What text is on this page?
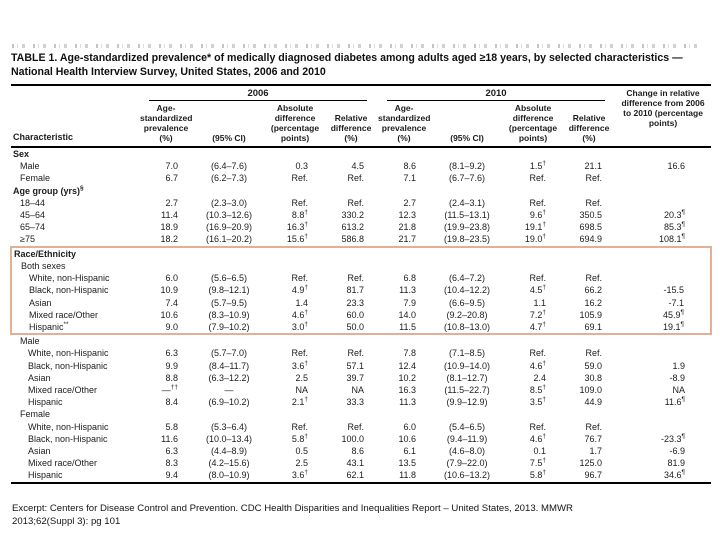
TABLE 1. Age-standardized prevalence* of medically diagnosed diabetes among adults aged ≥18 years, by selected characteristics — National Health Interview Survey, United States, 2006 and 2010

	2006				2010				Change in relative difference from 2006 to 2010 (percentage points)
Characteristic	Age-standardized prevalence (%)	(95% CI)	Absolute difference (percentage points)	Relative difference (%)	Age-standardized prevalence (%)	(95% CI)	Absolute difference (percentage points)	Relative difference (%)	
Sex									
Male	7.0	(6.4–7.6)	0.3	4.5	8.6	(8.1–9.2)	1.5†	21.1	16.6
Female	6.7	(6.2–7.3)	Ref.	Ref.	7.1	(6.7–7.6)	Ref.	Ref.	
Age group (yrs)§									
18–44	2.7	(2.3–3.0)	Ref.	Ref.	2.7	(2.4–3.1)	Ref.	Ref.	
45–64	11.4	(10.3–12.6)	8.8†	330.2	12.3	(11.5–13.1)	9.6†	350.5	20.3¶
65–74	18.9	(16.9–20.9)	16.3†	613.2	21.8	(19.9–23.8)	19.1†	698.5	85.3¶
≥75	18.2	(16.1–20.2)	15.6†	586.8	21.7	(19.8–23.5)	19.0†	694.9	108.1¶
Race/Ethnicity									
Both sexes									
White, non-Hispanic	6.0	(5.6–6.5)	Ref.	Ref.	6.8	(6.4–7.2)	Ref.	Ref.	
Black, non-Hispanic	10.9	(9.8–12.1)	4.9†	81.7	11.3	(10.4–12.2)	4.5†	66.2	-15.5
Asian	7.4	(5.7–9.5)	1.4	23.3	7.9	(6.6–9.5)	1.1	16.2	-7.1
Mixed race/Other	10.6	(8.3–10.9)	4.6†	60.0	14.0	(9.2–20.8)	7.2†	105.9	45.9¶
Hispanic**	9.0	(7.9–10.2)	3.0†	50.0	11.5	(10.8–13.0)	4.7†	69.1	19.1¶
Male									
White, non-Hispanic	6.3	(5.7–7.0)	Ref.	Ref.	7.8	(7.1–8.5)	Ref.	Ref.	
Black, non-Hispanic	9.9	(8.4–11.7)	3.6†	57.1	12.4	(10.9–14.0)	4.6†	59.0	1.9
Asian	8.8	(6.3–12.2)	2.5	39.7	10.2	(8.1–12.7)	2.4	30.8	-8.9
Mixed race/Other	—††	—	NA	NA	16.3	(11.5–22.7)	8.5†	109.0	NA
Hispanic	8.4	(6.9–10.2)	2.1†	33.3	11.3	(9.9–12.9)	3.5†	44.9	11.6¶
Female									
White, non-Hispanic	5.8	(5.3–6.4)	Ref.	Ref.	6.0	(5.4–6.5)	Ref.	Ref.	
Black, non-Hispanic	11.6	(10.0–13.4)	5.8†	100.0	10.6	(9.4–11.9)	4.6†	76.7	-23.3¶
Asian	6.3	(4.4–8.9)	0.5	8.6	6.1	(4.6–8.0)	0.1	1.7	-6.9
Mixed race/Other	8.3	(4.2–15.6)	2.5	43.1	13.5	(7.9–22.0)	7.5†	125.0	81.9
Hispanic	9.4	(8.0–10.9)	3.6†	62.1	11.8	(10.6–13.2)	5.8†	96.7	34.6¶
Excerpt: Centers for Disease Control and Prevention. CDC Health Disparities and Inequalities Report – United States, 2013. MMWR
2013;62(Suppl 3): pg 101
